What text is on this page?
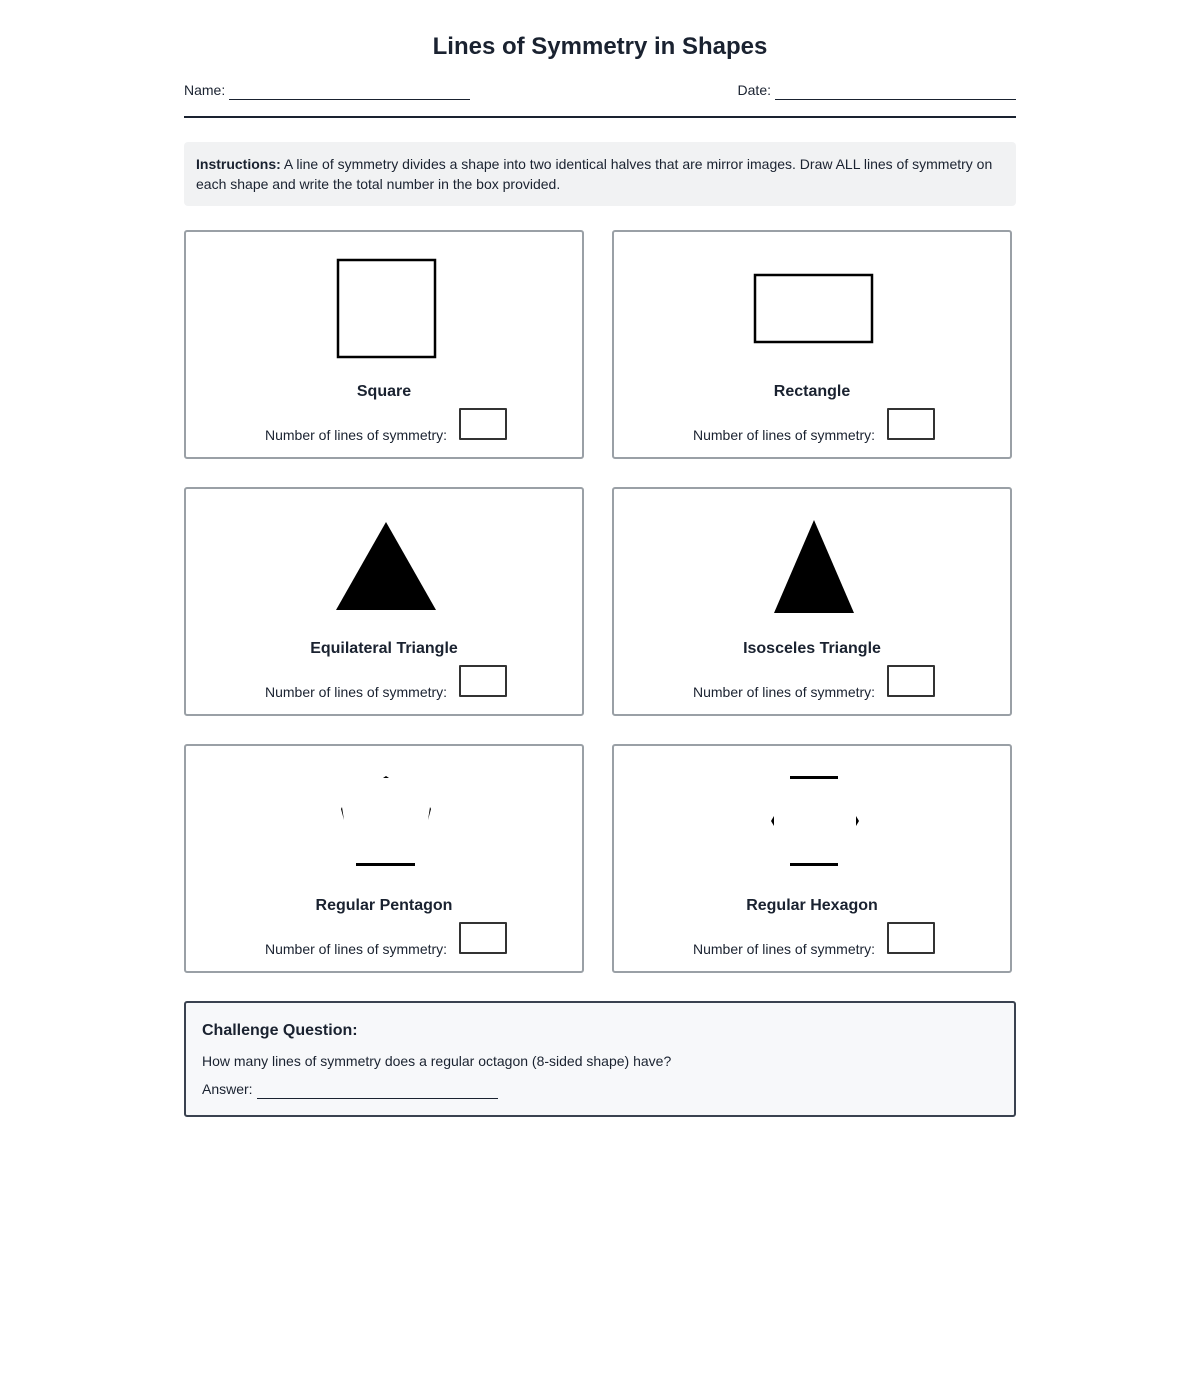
Lines of Symmetry in Shapes
Name:	Date:
Instructions: A line of symmetry divides a shape into two identical halves that are mirror images. Draw ALL lines of symmetry on each shape and write the total number in the box provided.
Square
Number of lines of symmetry:
Rectangle
Number of lines of symmetry:
Equilateral Triangle
Number of lines of symmetry:
Isosceles Triangle
Number of lines of symmetry:
Regular Pentagon
Number of lines of symmetry:
Regular Hexagon
Number of lines of symmetry:
Challenge Question:
How many lines of symmetry does a regular octagon (8-sided shape) have?
Answer:
